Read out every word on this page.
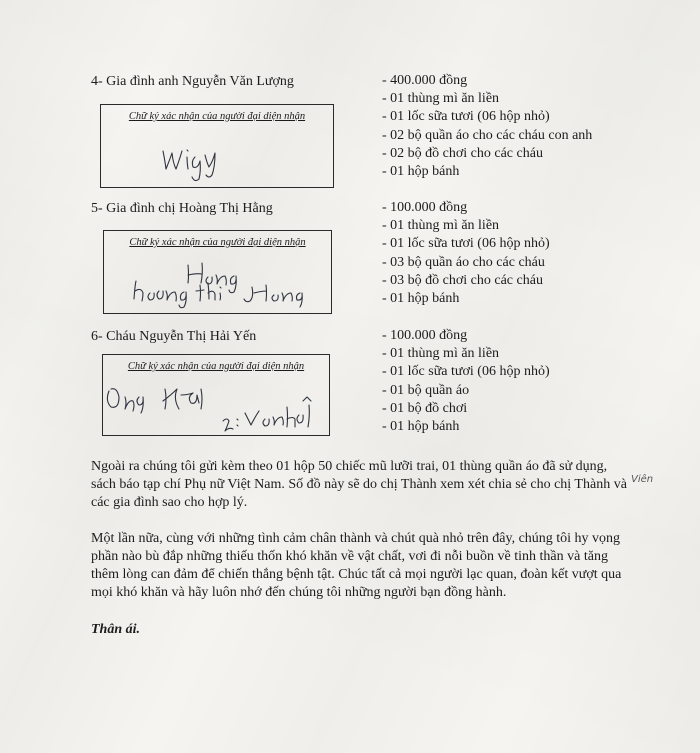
4- Gia đình anh Nguyễn Văn Lượng	- 400.000 đồng
- 01 thùng mì ăn liền
- 01 lốc sữa tươi (06 hộp nhỏ)
- 02 bộ quần áo cho các cháu con anh
- 02 bộ đồ chơi cho các cháu
- 01 hộp bánh
Chữ ký xác nhận của người đại diện nhận
5- Gia đình chị Hoàng Thị Hằng	- 100.000 đồng
- 01 thùng mì ăn liền
- 01 lốc sữa tươi (06 hộp nhỏ)
- 03 bộ quần áo cho các cháu
- 03 bộ đồ chơi cho các cháu
- 01 hộp bánh
Chữ ký xác nhận của người đại diện nhận
6- Cháu Nguyễn Thị Hải Yến	- 100.000 đồng
- 01 thùng mì ăn liền
- 01 lốc sữa tươi (06 hộp nhỏ)
- 01 bộ quần áo
- 01 bộ đồ chơi
- 01 hộp bánh
Chữ ký xác nhận của người đại diện nhận

Ngoài ra chúng tôi gửi kèm theo 01 hộp 50 chiếc mũ lưỡi trai, 01 thùng quần áo đã sử dụng, sách báo tạp chí Phụ nữ Việt Nam. Số đồ này sẽ do chị Thành xem xét chia sẻ cho chị Thành và các gia đình sao cho hợp lý.

Viên

Một lần nữa, cùng với những tình cảm chân thành và chút quà nhỏ trên đây, chúng tôi hy vọng phần nào bù đắp những thiếu thốn khó khăn về vật chất, vơi đi nỗi buồn về tinh thần và tăng thêm lòng can đảm để chiến thắng bệnh tật. Chúc tất cả mọi người lạc quan, đoàn kết vượt qua mọi khó khăn và hãy luôn nhớ đến chúng tôi những người bạn đồng hành.

Thân ái.
